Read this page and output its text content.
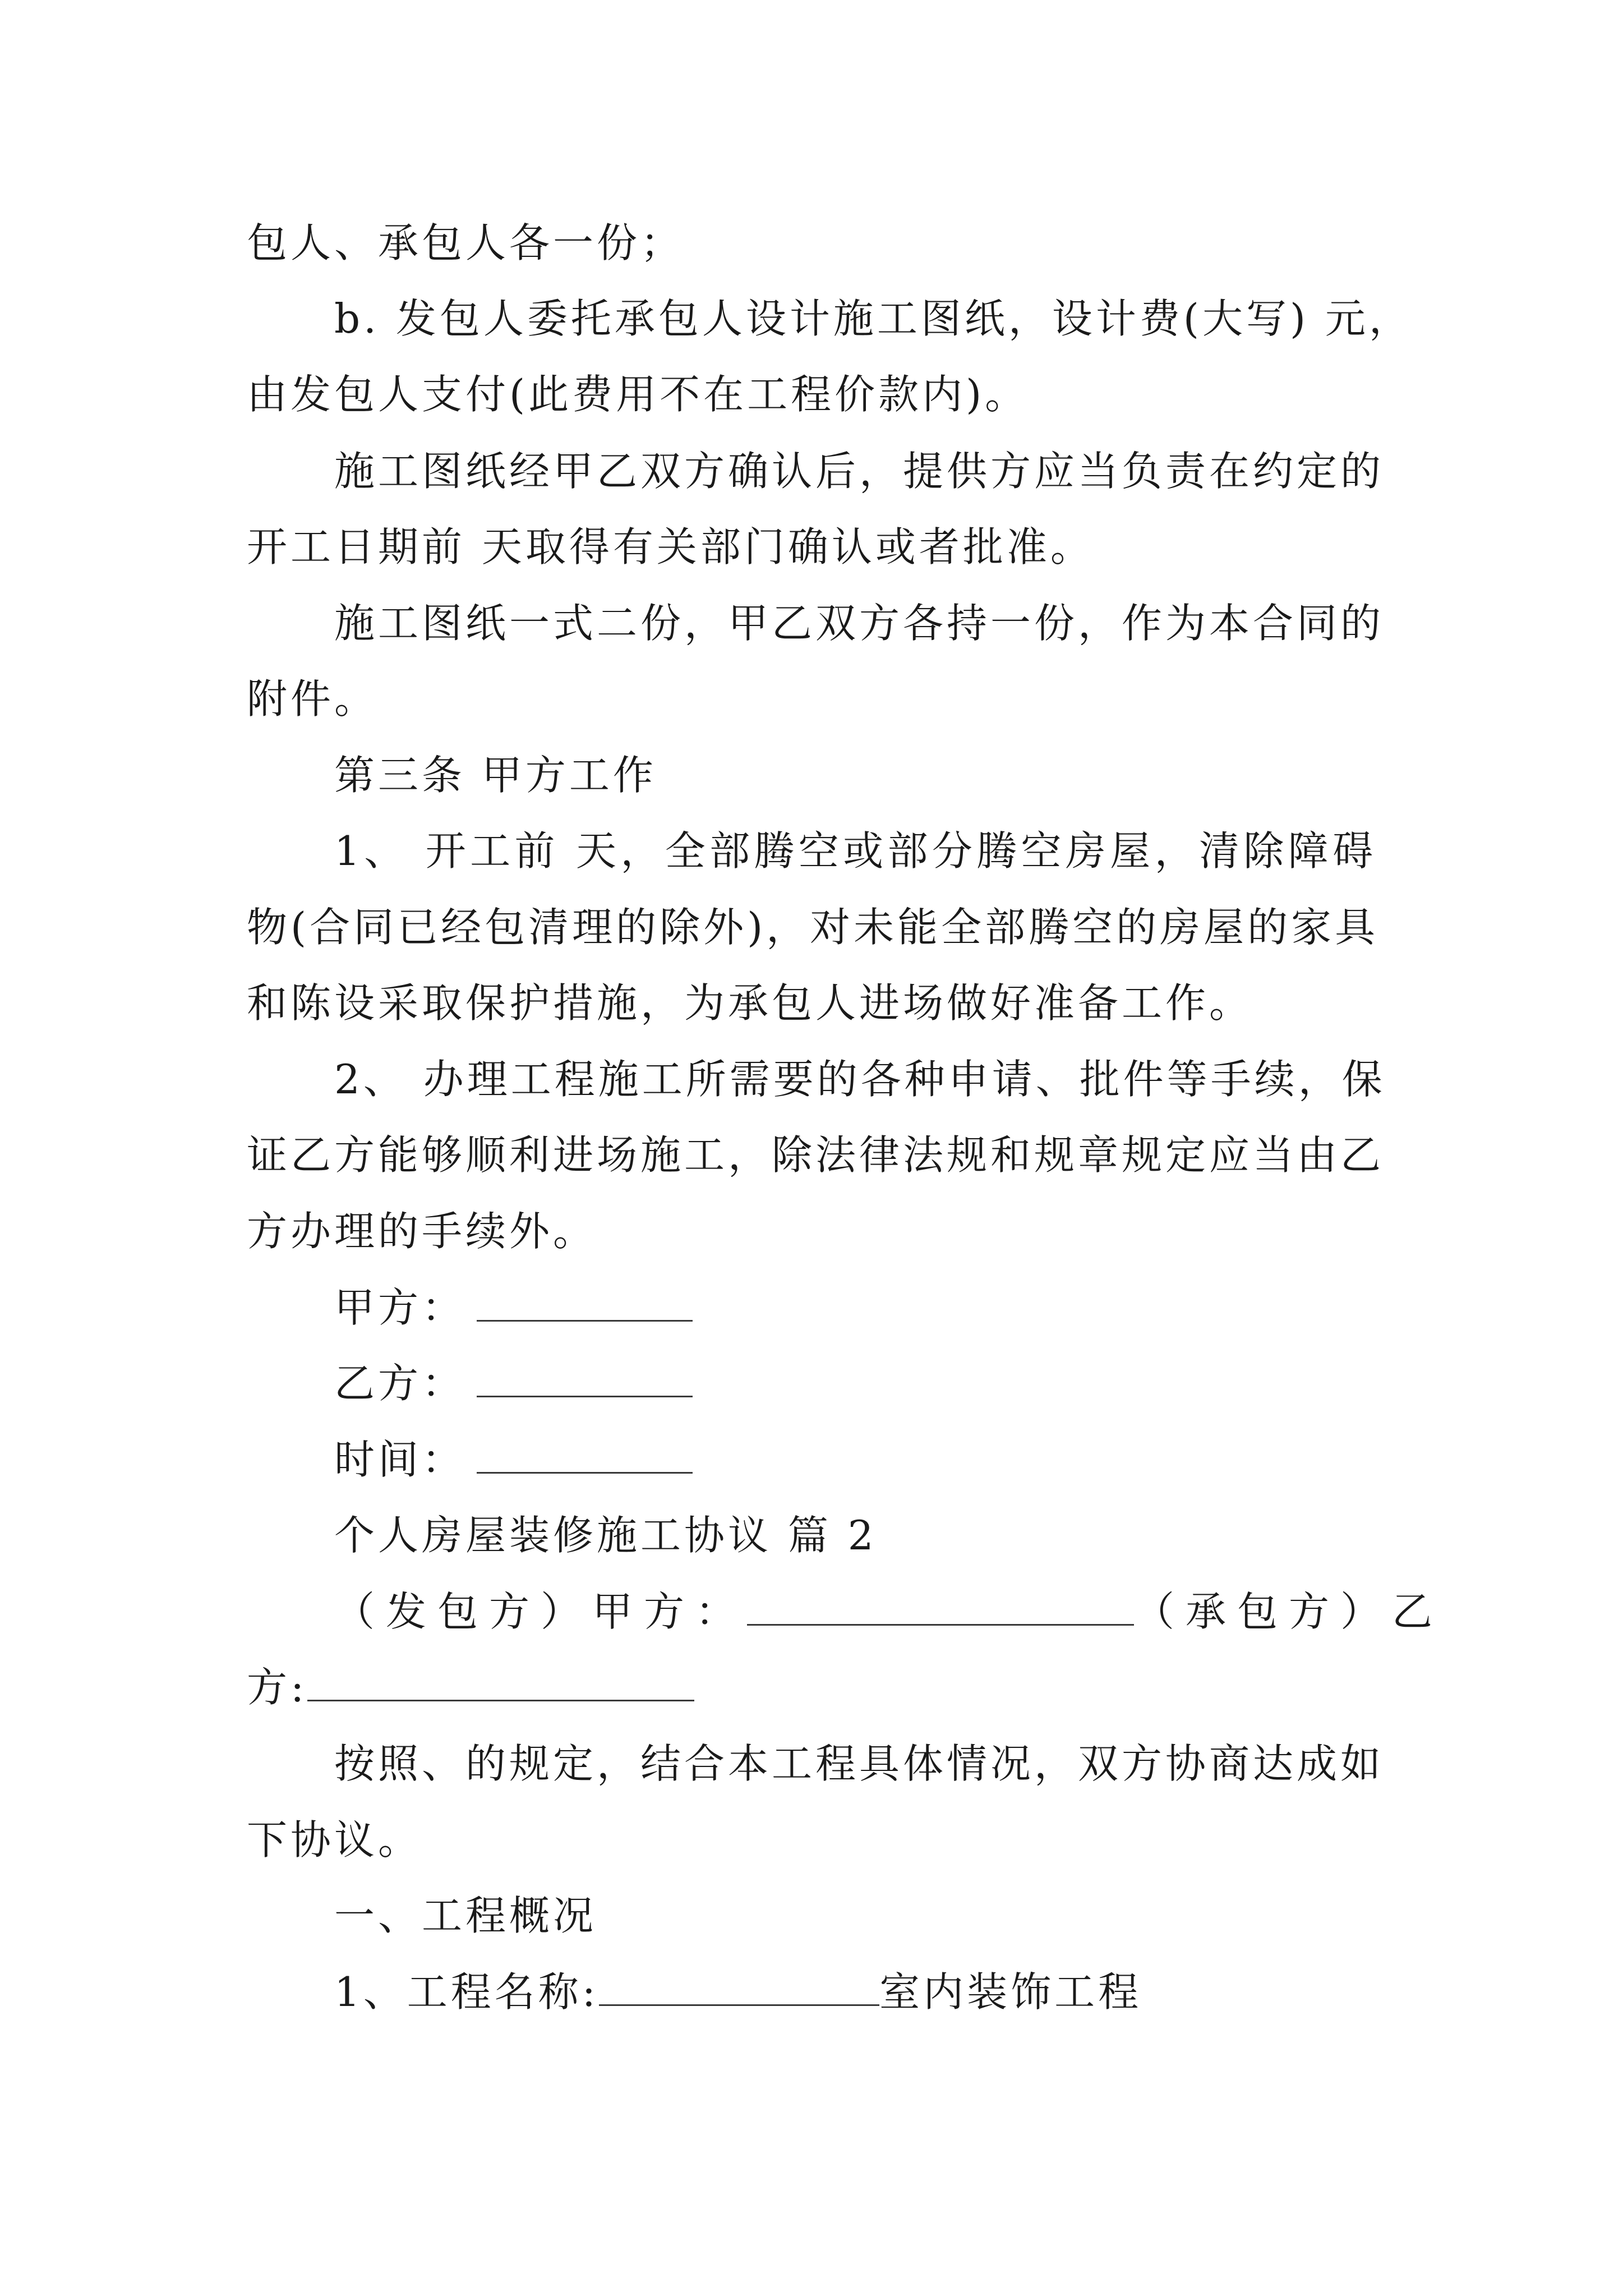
包人、承包人各一份；
b. 发包人委托承包人设计施工图纸，设计费(大写) 元，
由发包人支付(此费用不在工程价款内)。
施工图纸经甲乙双方确认后，提供方应当负责在约定的
开工日期前 天取得有关部门确认或者批准。
施工图纸一式二份，甲乙双方各持一份，作为本合同的
附件。
第三条 甲方工作
1、 开工前 天，全部腾空或部分腾空房屋，清除障碍
物(合同已经包清理的除外)，对未能全部腾空的房屋的家具
和陈设采取保护措施，为承包人进场做好准备工作。
2、 办理工程施工所需要的各种申请、批件等手续，保
证乙方能够顺利进场施工，除法律法规和规章规定应当由乙
方办理的手续外。
甲方：
乙方：
时间：
个人房屋装修施工协议 篇 2
（发包方）甲方：	（承包方）乙
方:
按照、的规定，结合本工程具体情况，双方协商达成如
下协议。
一、工程概况
1、工程名称:	室内装饰工程
